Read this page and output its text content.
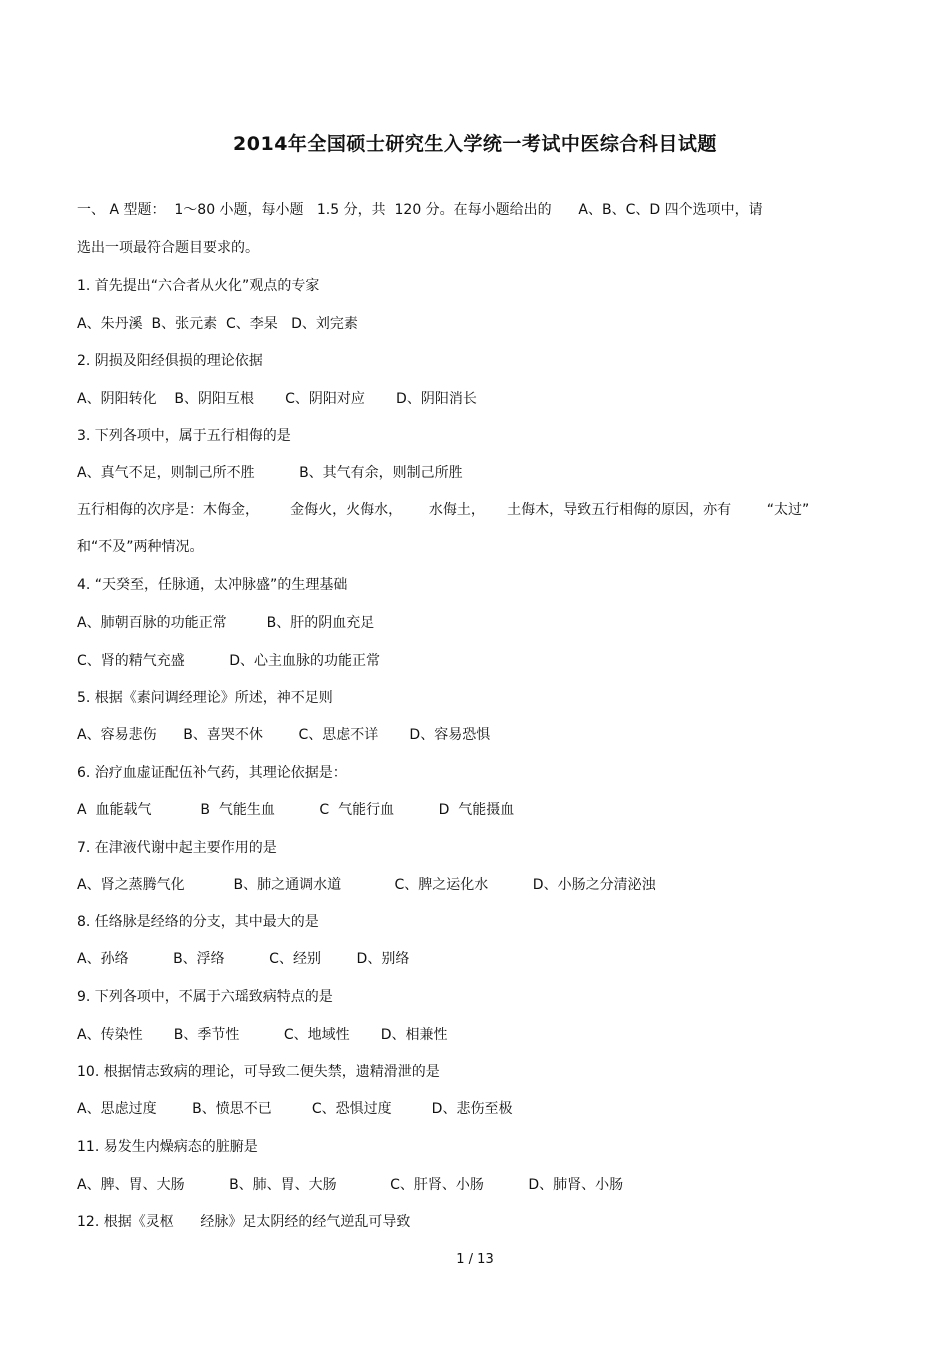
2014年全国硕士研究生入学统一考试中医综合科目试题
一、 A 型题：  1～80 小题，每小题   1.5 分，共  120 分。在每小题给出的      A、B、C、D 四个选项中，请
选出一项最符合题目要求的。
1. 首先提出“六合者从火化”观点的专家
A、朱丹溪  B、张元素  C、李杲   D、刘完素
2. 阴损及阳经俱损的理论依据
A、阴阳转化    B、阴阳互根       C、阴阳对应       D、阴阳消长
3. 下列各项中，属于五行相侮的是
A、真气不足，则制己所不胜          B、其气有余，则制己所胜
五行相侮的次序是：木侮金，       金侮火，火侮水，      水侮土，     土侮木，导致五行相侮的原因，亦有        “太过”
和“不及”两种情况。
4. “天癸至，任脉通，太冲脉盛”的生理基础
A、肺朝百脉的功能正常         B、肝的阴血充足
C、肾的精气充盛          D、心主血脉的功能正常
5. 根据《素问调经理论》所述，神不足则
A、容易悲伤      B、喜哭不休        C、思虑不详       D、容易恐惧
6. 治疗血虚证配伍补气药，其理论依据是：
A  血能载气           B  气能生血          C  气能行血          D  气能摄血
7. 在津液代谢中起主要作用的是
A、肾之蒸腾气化           B、肺之通调水道            C、脾之运化水          D、小肠之分清泌浊
8. 任络脉是经络的分支，其中最大的是
A、孙络          B、浮络          C、经别        D、别络
9. 下列各项中，不属于六瑶致病特点的是
A、传染性       B、季节性          C、地域性       D、相兼性
10. 根据情志致病的理论，可导致二便失禁，遗精滑泄的是
A、思虑过度        B、愤思不已         C、恐惧过度         D、悲伤至极
11. 易发生内燥病态的脏腑是
A、脾、胃、大肠          B、肺、胃、大肠            C、肝肾、小肠          D、肺肾、小肠
12. 根据《灵枢      经脉》足太阴经的经气逆乱可导致
1 / 13
